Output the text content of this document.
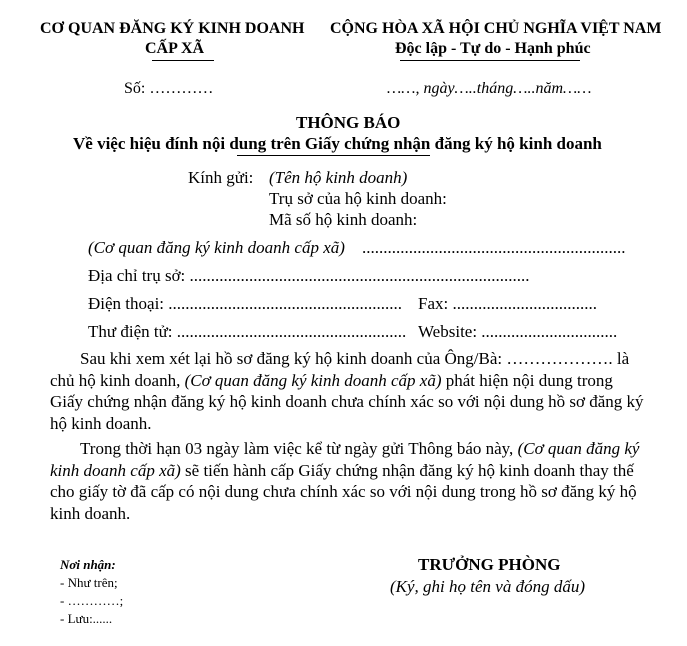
CƠ QUAN ĐĂNG KÝ KINH DOANH
CẤP XÃ
CỘNG HÒA XÃ HỘI CHỦ NGHĨA VIỆT NAM
Độc lập - Tự do - Hạnh phúc
Số: …………	……, ngày…..tháng…..năm……
THÔNG BÁO
Về việc hiệu đính nội dung trên Giấy chứng nhận đăng ký hộ kinh doanh
Kính gửi: (Tên hộ kinh doanh)
Trụ sở của hộ kinh doanh:
Mã số hộ kinh doanh:
(Cơ quan đăng ký kinh doanh cấp xã) ..............................................................
Địa chỉ trụ sở: ................................................................................
Điện thoại: ....................................................... Fax: ..................................
Thư điện tử: ...................................................... Website: ................................
Sau khi xem xét lại hồ sơ đăng ký hộ kinh doanh của Ông/Bà: ………………. là chủ hộ kinh doanh, (Cơ quan đăng ký kinh doanh cấp xã) phát hiện nội dung trong Giấy chứng nhận đăng ký hộ kinh doanh chưa chính xác so với nội dung hồ sơ đăng ký hộ kinh doanh.
Trong thời hạn 03 ngày làm việc kể từ ngày gửi Thông báo này, (Cơ quan đăng ký kinh doanh cấp xã) sẽ tiến hành cấp Giấy chứng nhận đăng ký hộ kinh doanh thay thế cho giấy tờ đã cấp có nội dung chưa chính xác so với nội dung trong hồ sơ đăng ký hộ kinh doanh.
Nơi nhận:
- Như trên;
- …………;
- Lưu:......
TRƯỞNG PHÒNG
(Ký, ghi họ tên và đóng dấu)
